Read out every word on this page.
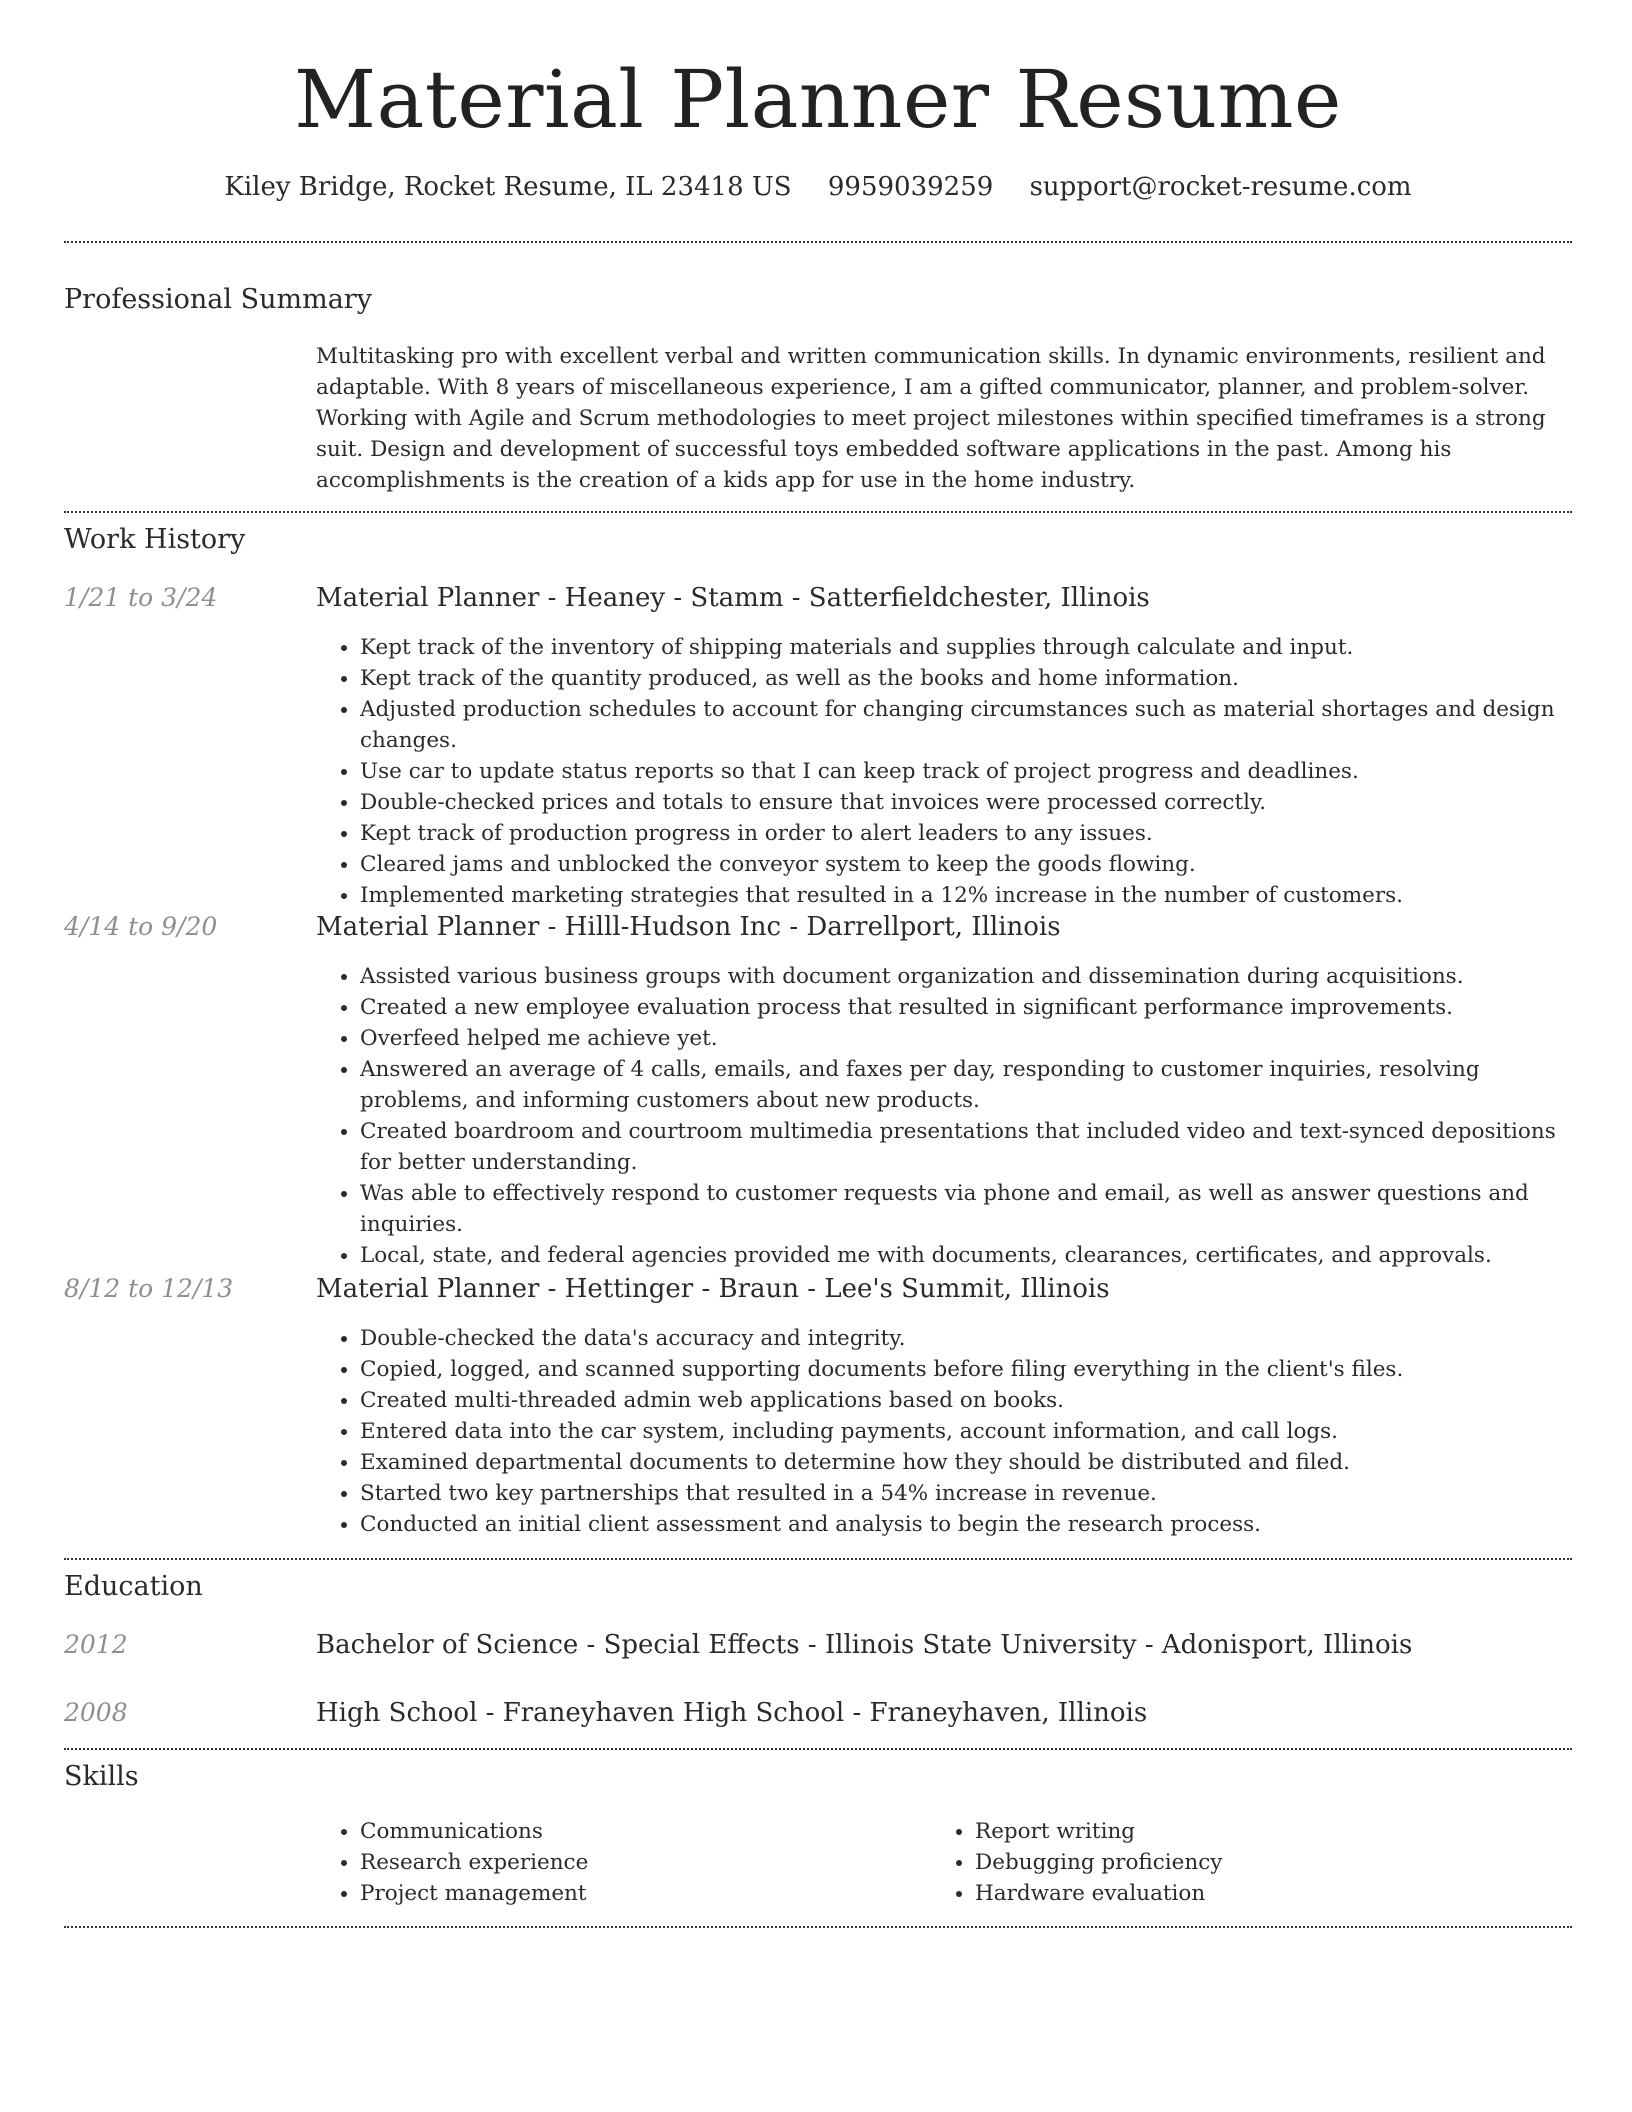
Material Planner Resume
Kiley Bridge, Rocket Resume, IL 23418 US 9959039259 support@rocket-resume.com
Professional Summary

Multitasking pro with excellent verbal and written communication skills. In dynamic environments, resilient and adaptable. With 8 years of miscellaneous experience, I am a gifted communicator, planner, and problem-solver. Working with Agile and Scrum methodologies to meet project milestones within specified timeframes is a strong suit. Design and development of successful toys embedded software applications in the past. Among his accomplishments is the creation of a kids app for use in the home industry.

Work History
1/21 to 3/24	Material Planner - Heaney - Stamm - Satterfieldchester, Illinois
• Kept track of the inventory of shipping materials and supplies through calculate and input.
• Kept track of the quantity produced, as well as the books and home information.
• Adjusted production schedules to account for changing circumstances such as material shortages and design changes.
• Use car to update status reports so that I can keep track of project progress and deadlines.
• Double-checked prices and totals to ensure that invoices were processed correctly.
• Kept track of production progress in order to alert leaders to any issues.
• Cleared jams and unblocked the conveyor system to keep the goods flowing.
• Implemented marketing strategies that resulted in a 12% increase in the number of customers.
4/14 to 9/20	Material Planner - Hilll-Hudson Inc - Darrellport, Illinois
• Assisted various business groups with document organization and dissemination during acquisitions.
• Created a new employee evaluation process that resulted in significant performance improvements.
• Overfeed helped me achieve yet.
• Answered an average of 4 calls, emails, and faxes per day, responding to customer inquiries, resolving problems, and informing customers about new products.
• Created boardroom and courtroom multimedia presentations that included video and text-synced depositions for better understanding.
• Was able to effectively respond to customer requests via phone and email, as well as answer questions and inquiries.
• Local, state, and federal agencies provided me with documents, clearances, certificates, and approvals.
8/12 to 12/13	Material Planner - Hettinger - Braun - Lee's Summit, Illinois
• Double-checked the data's accuracy and integrity.
• Copied, logged, and scanned supporting documents before filing everything in the client's files.
• Created multi-threaded admin web applications based on books.
• Entered data into the car system, including payments, account information, and call logs.
• Examined departmental documents to determine how they should be distributed and filed.
• Started two key partnerships that resulted in a 54% increase in revenue.
• Conducted an initial client assessment and analysis to begin the research process.
Education
2012	Bachelor of Science - Special Effects - Illinois State University - Adonisport, Illinois
2008	High School - Franeyhaven High School - Franeyhaven, Illinois
Skills
• Communications
• Research experience
• Project management
• Report writing
• Debugging proficiency
• Hardware evaluation
